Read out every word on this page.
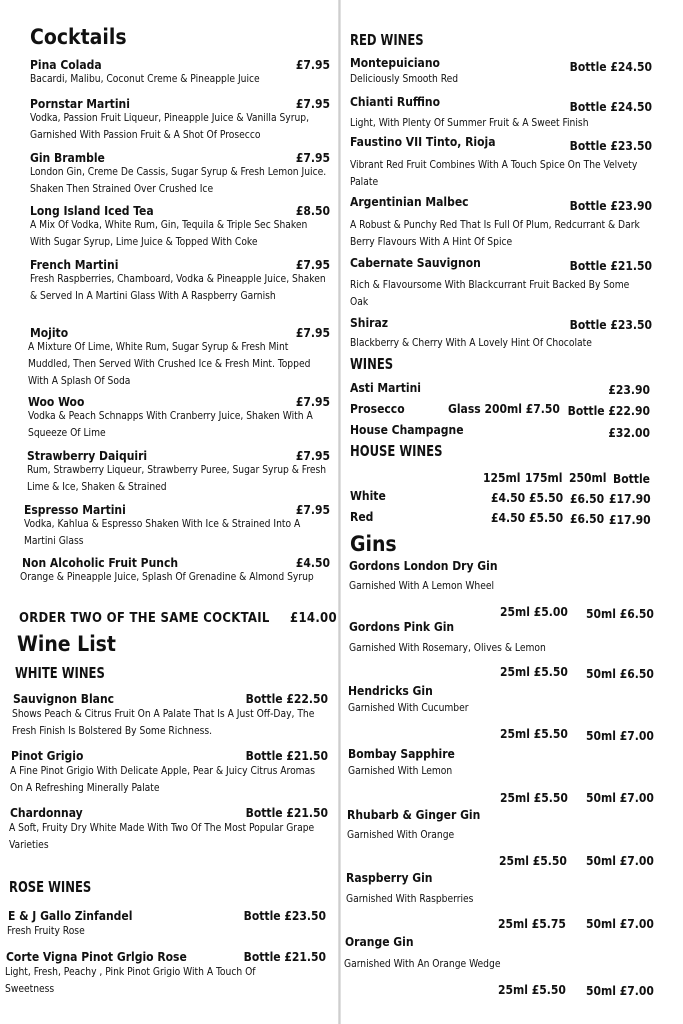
Cocktails
Pina Colada	£7.95
Bacardi, Malibu, Coconut Creme & Pineapple Juice
Pornstar Martini	£7.95
Vodka, Passion Fruit Liqueur, Pineapple Juice & Vanilla Syrup, Garnished With Passion Fruit & A Shot Of Prosecco
Gin Bramble	£7.95
London Gin, Creme De Cassis, Sugar Syrup & Fresh Lemon Juice. Shaken Then Strained Over Crushed Ice
Long Island Iced Tea	£8.50
A Mix Of Vodka, White Rum, Gin, Tequila & Triple Sec Shaken With Sugar Syrup, Lime Juice & Topped With Coke
French Martini	£7.95
Fresh Raspberries, Chamboard, Vodka & Pineapple Juice, Shaken & Served In A Martini Glass With A Raspberry Garnish
Mojito	£7.95
A Mixture Of Lime, White Rum, Sugar Syrup & Fresh Mint Muddled, Then Served With Crushed Ice & Fresh Mint. Topped With A Splash Of Soda
Woo Woo	£7.95
Vodka & Peach Schnapps With Cranberry Juice, Shaken With A Squeeze Of Lime
Strawberry Daiquiri	£7.95
Rum, Strawberry Liqueur, Strawberry Puree, Sugar Syrup & Fresh Lime & Ice, Shaken & Strained
Espresso Martini	£7.95
Vodka, Kahlua & Espresso Shaken With Ice & Strained Into A Martini Glass
Non Alcoholic Fruit Punch	£4.50
Orange & Pineapple Juice, Splash Of Grenadine & Almond Syrup
ORDER TWO OF THE SAME COCKTAIL £14.00
Wine List
WHITE WINES
Sauvignon Blanc	Bottle £22.50
Shows Peach & Citrus Fruit On A Palate That Is A Just Off-Day, The Fresh Finish Is Bolstered By Some Richness.
Pinot Grigio	Bottle £21.50
A Fine Pinot Grigio With Delicate Apple, Pear & Juicy Citrus Aromas On A Refreshing Minerally Palate
Chardonnay	Bottle £21.50
A Soft, Fruity Dry White Made With Two Of The Most Popular Grape Varieties
ROSE WINES
E & J Gallo Zinfandel	Bottle £23.50
Fresh Fruity Rose
Corte Vigna Pinot Grlgio Rose	Bottle £21.50
Light, Fresh, Peachy , Pink Pinot Grigio With A Touch Of Sweetness
RED WINES
Montepuiciano	Bottle £24.50
Deliciously Smooth Red
Chianti Ruffino	Bottle £24.50
Light, With Plenty Of Summer Fruit & A Sweet Finish
Faustino VII Tinto, Rioja	Bottle £23.50
Vibrant Red Fruit Combines With A Touch Spice On The Velvety Palate
Argentinian Malbec	Bottle £23.90
A Robust & Punchy Red That Is Full Of Plum, Redcurrant & Dark Berry Flavours With A Hint Of Spice
Cabernate Sauvignon	Bottle £21.50
Rich & Flavoursome With Blackcurrant Fruit Backed By Some Oak
Shiraz	Bottle £23.50
Blackberry & Cherry With A Lovely Hint Of Chocolate
WINES
Asti Martini	£23.90
Prosecco	Glass 200ml £7.50 Bottle £22.90
House Champagne	£32.00
HOUSE WINES
125ml 175ml 250ml Bottle
White	£4.50 £5.50 £6.50 £17.90
Red	£4.50 £5.50 £6.50 £17.90
Gins
Gordons London Dry Gin
Garnished With A Lemon Wheel
25ml £5.00 50ml £6.50
Gordons Pink Gin
Garnished With Rosemary, Olives & Lemon
25ml £5.50 50ml £6.50
Hendricks Gin
Garnished With Cucumber
25ml £5.50 50ml £7.00
Bombay Sapphire
Garnished With Lemon
25ml £5.50 50ml £7.00
Rhubarb & Ginger Gin
Garnished With Orange
25ml £5.50 50ml £7.00
Raspberry Gin
Garnished With Raspberries
25ml £5.75 50ml £7.00
Orange Gin
Garnished With An Orange Wedge
25ml £5.50 50ml £7.00
